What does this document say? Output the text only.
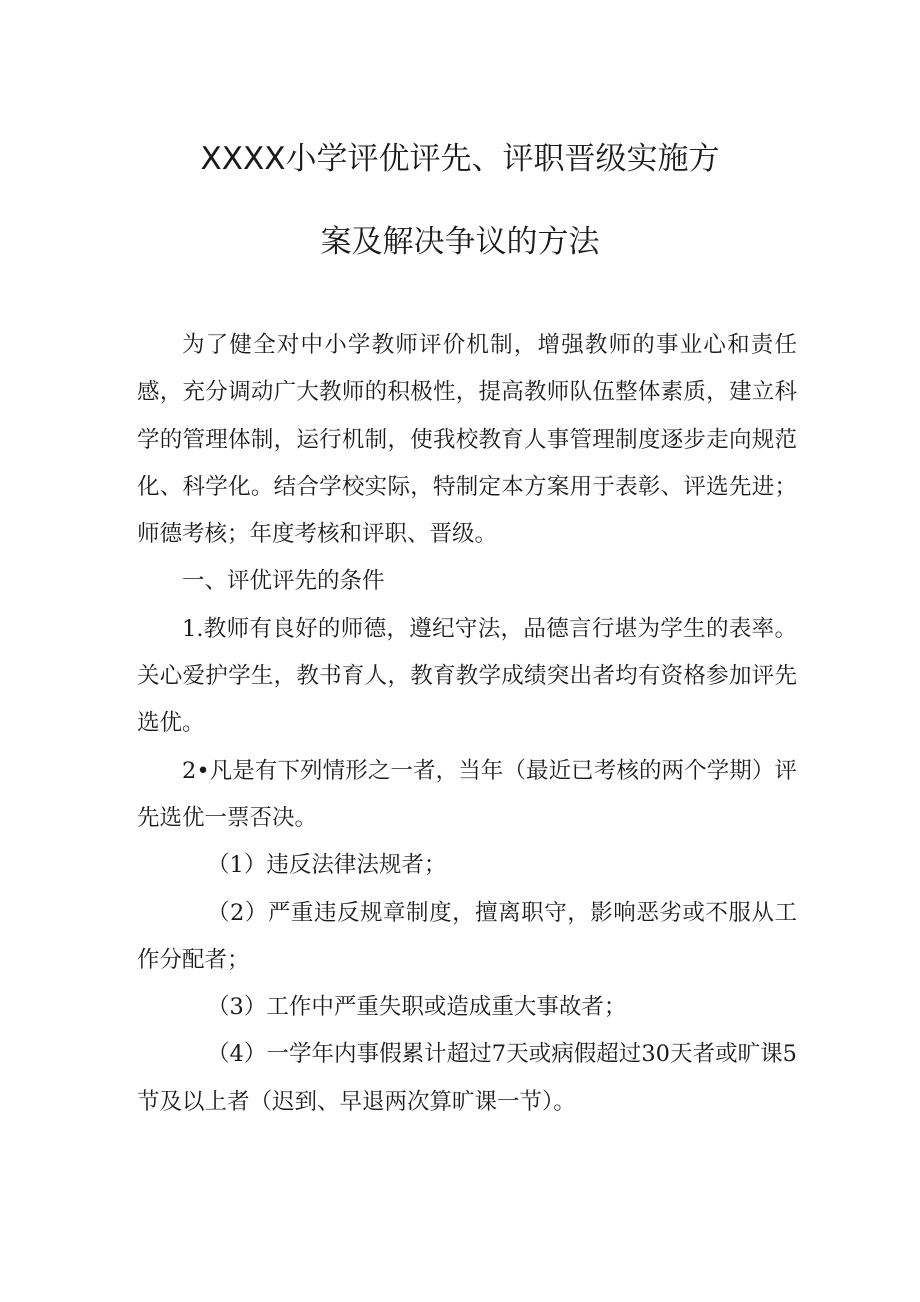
XXXX小学评优评先、评职晋级实施方
案及解决争议的方法

为了健全对中小学教师评价机制，增强教师的事业心和责任感，充分调动广大教师的积极性，提高教师队伍整体素质，建立科学的管理体制，运行机制，使我校教育人事管理制度逐步走向规范化、科学化。结合学校实际，特制定本方案用于表彰、评选先进；师德考核；年度考核和评职、晋级。

一、评优评先的条件

1.教师有良好的师德，遵纪守法，品德言行堪为学生的表率。关心爱护学生，教书育人，教育教学成绩突出者均有资格参加评先选优。

2•凡是有下列情形之一者，当年（最近已考核的两个学期）评先选优一票否决。

（1）违反法律法规者；

（2）严重违反规章制度，擅离职守，影响恶劣或不服从工作分配者；

（3）工作中严重失职或造成重大事故者；

（4）一学年内事假累计超过7天或病假超过30天者或旷课5节及以上者（迟到、早退两次算旷课一节）。
